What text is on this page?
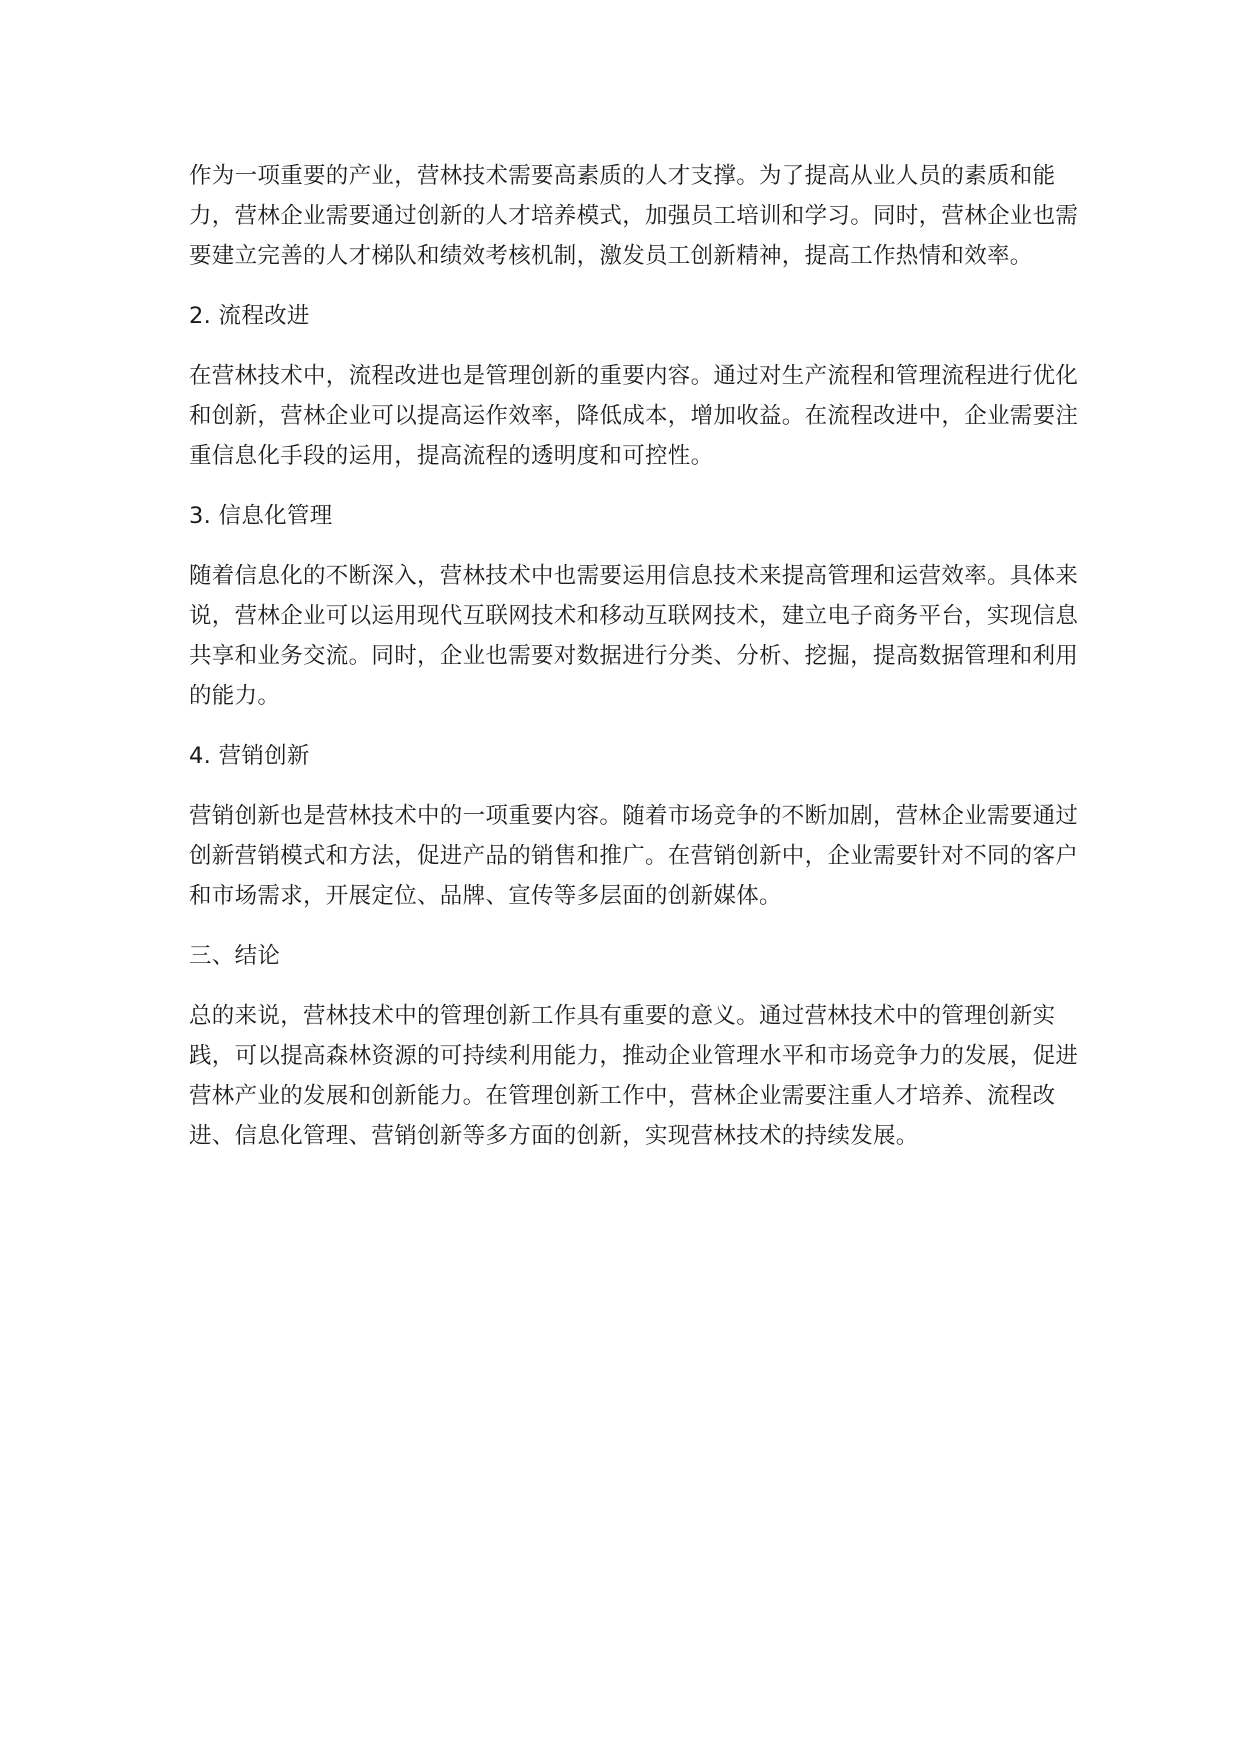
作为一项重要的产业，营林技术需要高素质的人才支撑。为了提高从业人员的素质和能力，营林企业需要通过创新的人才培养模式，加强员工培训和学习。同时，营林企业也需要建立完善的人才梯队和绩效考核机制，激发员工创新精神，提高工作热情和效率。

2. 流程改进

在营林技术中，流程改进也是管理创新的重要内容。通过对生产流程和管理流程进行优化和创新，营林企业可以提高运作效率，降低成本，增加收益。在流程改进中，企业需要注重信息化手段的运用，提高流程的透明度和可控性。

3. 信息化管理

随着信息化的不断深入，营林技术中也需要运用信息技术来提高管理和运营效率。具体来说，营林企业可以运用现代互联网技术和移动互联网技术，建立电子商务平台，实现信息共享和业务交流。同时，企业也需要对数据进行分类、分析、挖掘，提高数据管理和利用的能力。

4. 营销创新

营销创新也是营林技术中的一项重要内容。随着市场竞争的不断加剧，营林企业需要通过创新营销模式和方法，促进产品的销售和推广。在营销创新中，企业需要针对不同的客户和市场需求，开展定位、品牌、宣传等多层面的创新媒体。

三、结论

总的来说，营林技术中的管理创新工作具有重要的意义。通过营林技术中的管理创新实践，可以提高森林资源的可持续利用能力，推动企业管理水平和市场竞争力的发展，促进营林产业的发展和创新能力。在管理创新工作中，营林企业需要注重人才培养、流程改进、信息化管理、营销创新等多方面的创新，实现营林技术的持续发展。
